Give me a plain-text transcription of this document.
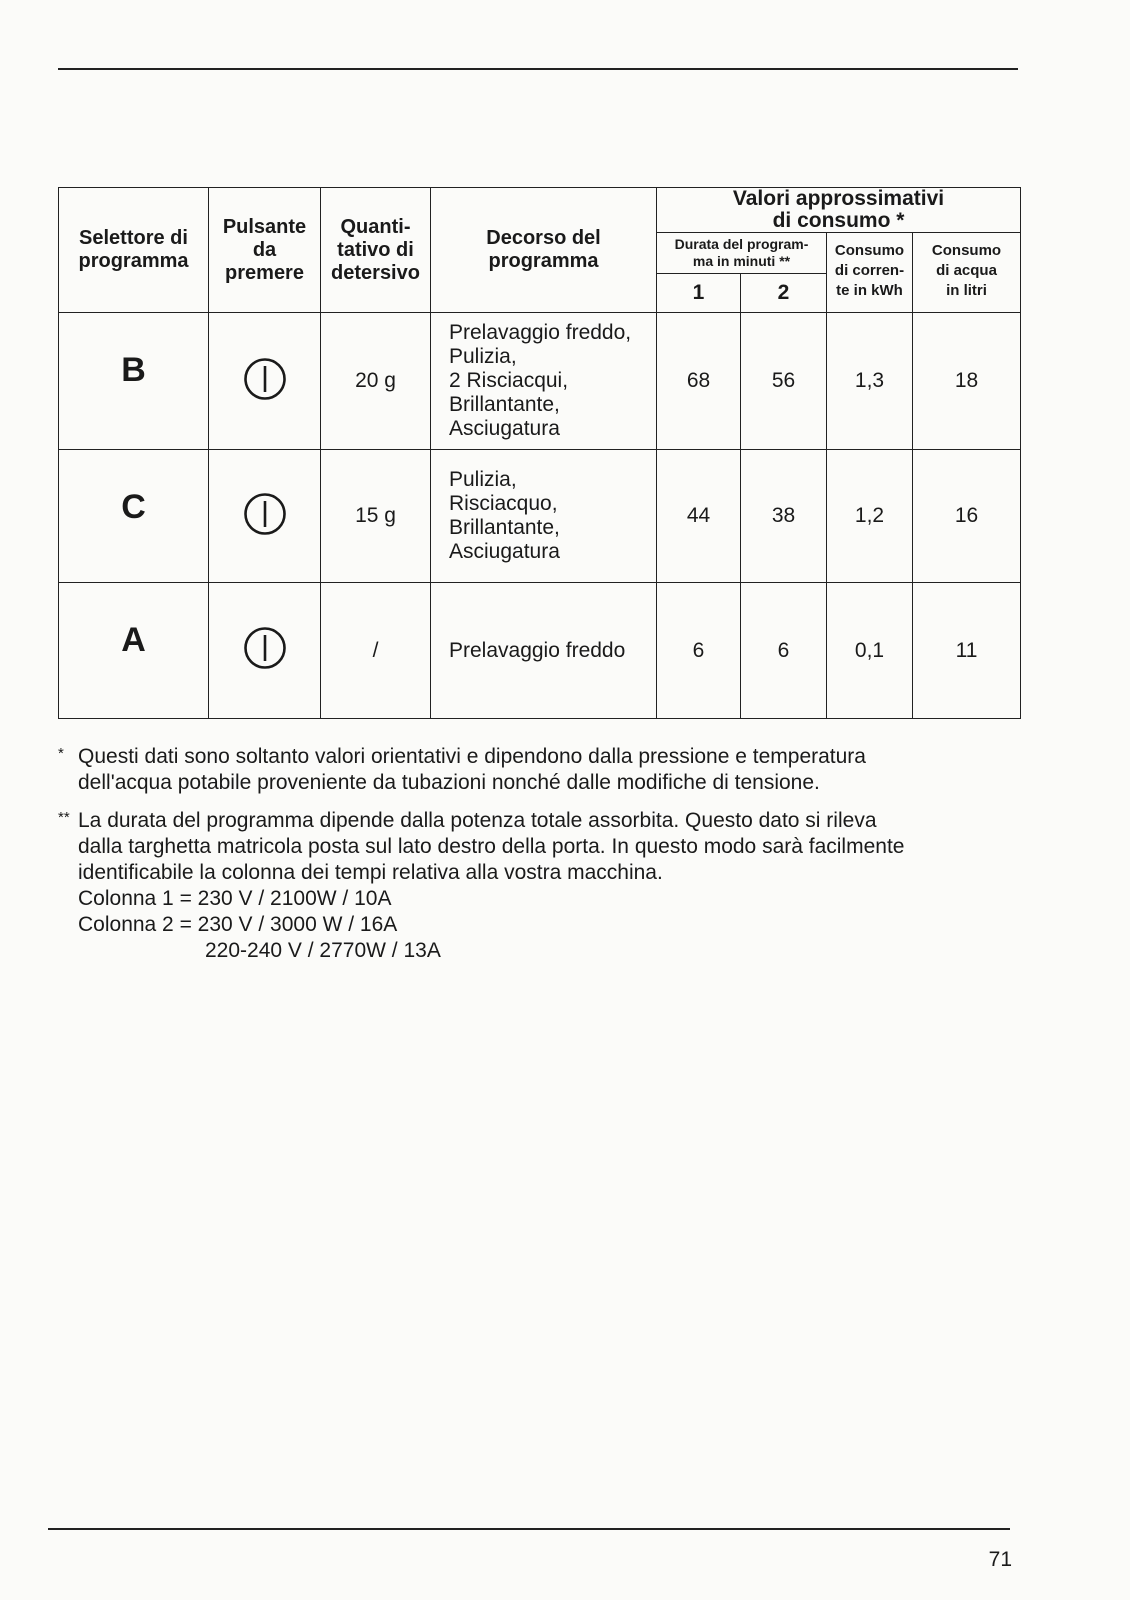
Selettore di
programma	Pulsante
da
premere	Quanti-
tativo di
detersivo	Decorso del
programma	Valori approssimativi
di consumo *			

				Durata del program-
ma in minuti **		Consumo
di corren-
te in kWh	Consumo
di acqua
in litri

				1	2		
B		20 g	Prelavaggio freddo,
Pulizia,
2 Risciacqui,
Brillantante,
Asciugatura	68	56	1,3	18
C		15 g	Pulizia,
Risciacquo,
Brillantante,
Asciugatura	44	38	1,2	16
A		/	Prelavaggio freddo	6	6	0,1	11
* Questi dati sono soltanto valori orientativi e dipendono dalla pressione e temperatura
dell'acqua potabile proveniente da tubazioni nonché dalle modifiche di tensione.
** La durata del programma dipende dalla potenza totale assorbita. Questo dato si rileva
dalla targhetta matricola posta sul lato destro della porta. In questo modo sarà facilmente
identificabile la colonna dei tempi relativa alla vostra macchina.
Colonna 1 = 230 V / 2100W / 10A
Colonna 2 = 230 V / 3000 W / 16A
220-240 V / 2770W / 13A
71
